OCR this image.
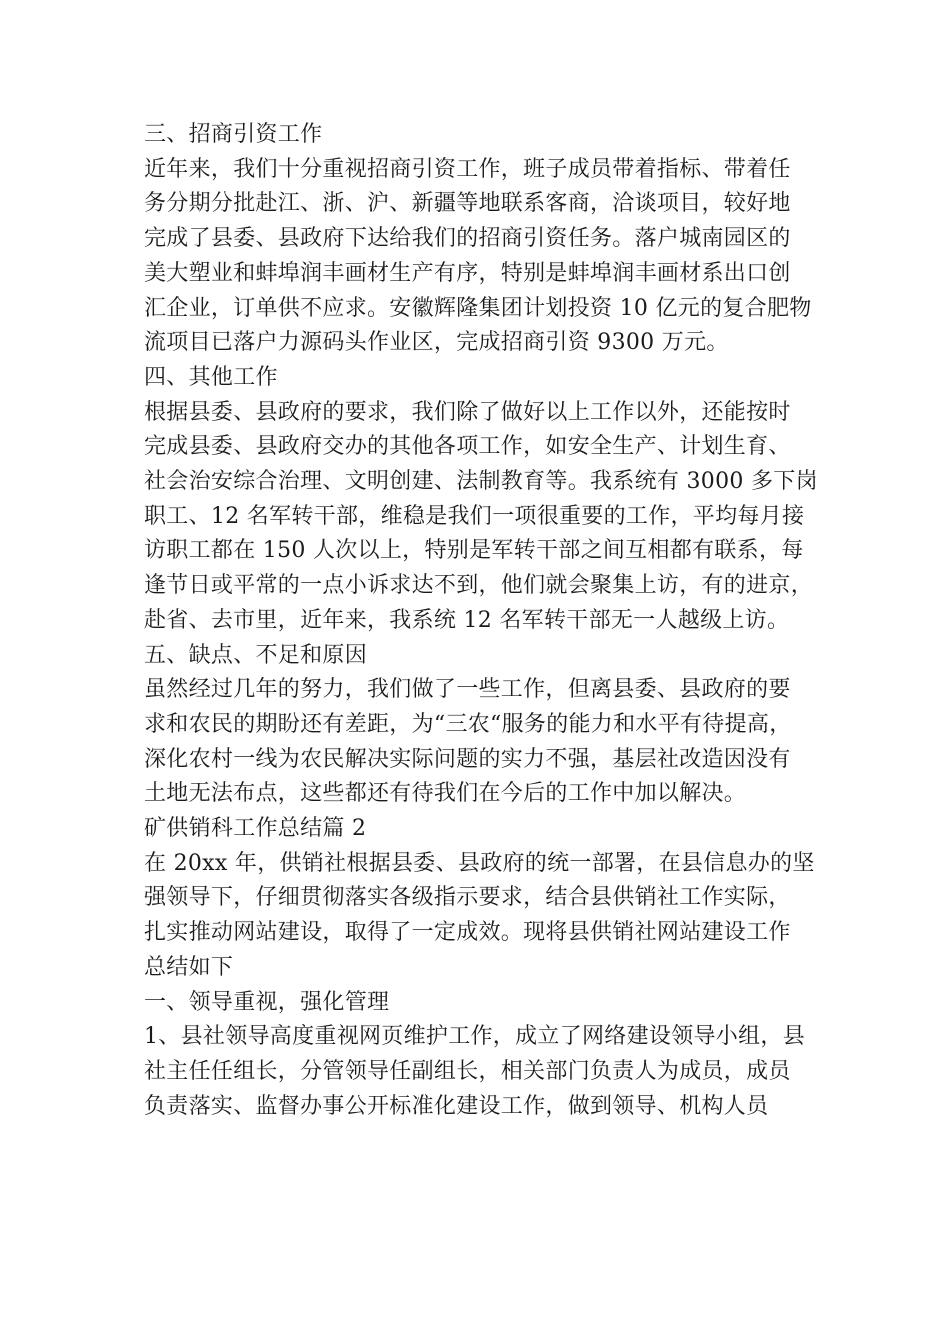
三、招商引资工作
近年来，我们十分重视招商引资工作，班子成员带着指标、带着任
务分期分批赴江、浙、沪、新疆等地联系客商，洽谈项目，较好地
完成了县委、县政府下达给我们的招商引资任务。落户城南园区的
美大塑业和蚌埠润丰画材生产有序，特别是蚌埠润丰画材系出口创
汇企业，订单供不应求。安徽辉隆集团计划投资 10 亿元的复合肥物
流项目已落户力源码头作业区，完成招商引资 9300 万元。
四、其他工作
根据县委、县政府的要求，我们除了做好以上工作以外，还能按时
完成县委、县政府交办的其他各项工作，如安全生产、计划生育、
社会治安综合治理、文明创建、法制教育等。我系统有 3000 多下岗
职工、12 名军转干部，维稳是我们一项很重要的工作，平均每月接
访职工都在 150 人次以上，特别是军转干部之间互相都有联系，每
逢节日或平常的一点小诉求达不到，他们就会聚集上访，有的进京，
赴省、去市里，近年来，我系统 12 名军转干部无一人越级上访。
五、缺点、不足和原因
虽然经过几年的努力，我们做了一些工作，但离县委、县政府的要
求和农民的期盼还有差距，为“三农“服务的能力和水平有待提高，
深化农村一线为农民解决实际问题的实力不强，基层社改造因没有
土地无法布点，这些都还有待我们在今后的工作中加以解决。
矿供销科工作总结篇 2
在 20xx 年，供销社根据县委、县政府的统一部署，在县信息办的坚
强领导下，仔细贯彻落实各级指示要求，结合县供销社工作实际，
扎实推动网站建设，取得了一定成效。现将县供销社网站建设工作
总结如下
一、领导重视，强化管理
1、县社领导高度重视网页维护工作，成立了网络建设领导小组，县
社主任任组长，分管领导任副组长，相关部门负责人为成员，成员
负责落实、监督办事公开标准化建设工作，做到领导、机构人员
